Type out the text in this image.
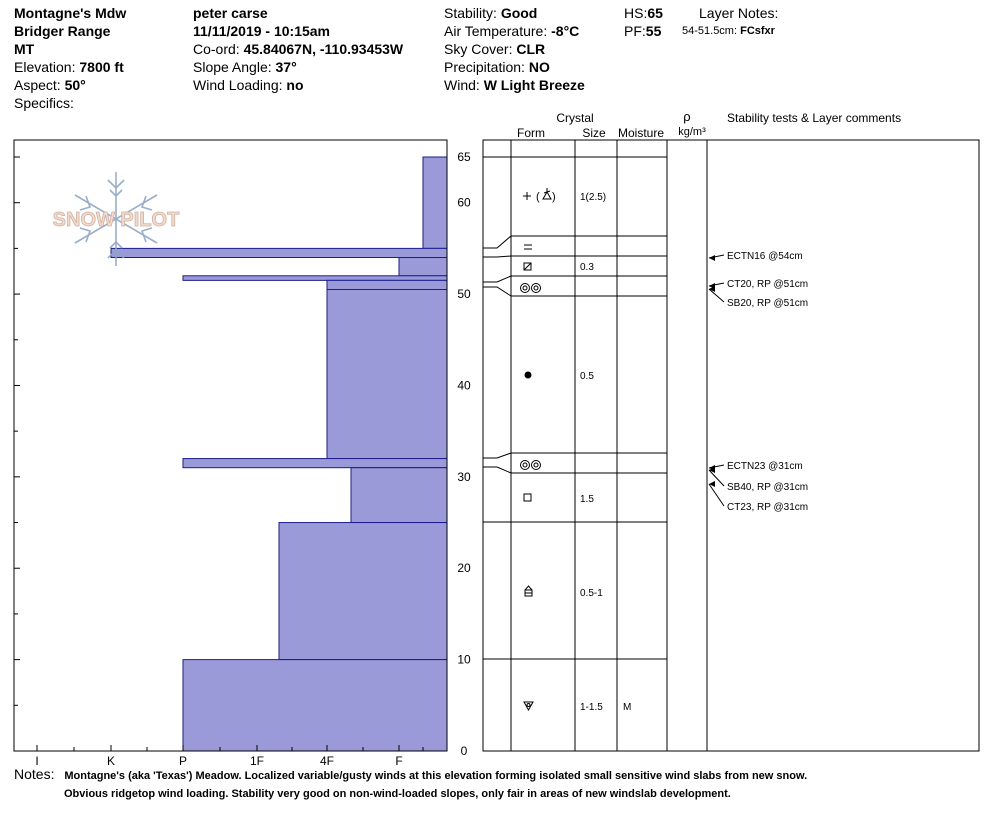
Montagne's Mdw
Bridger Range
MT
Elevation: 7800 ft
Aspect: 50°
Specifics:
peter carse
11/11/2019 - 10:15am
Co-ord: 45.84067N, -110.93453W
Slope Angle: 37°
Wind Loading: no
Stability: Good
Air Temperature: -8°C
Sky Cover: CLR
Precipitation: NO
Wind: W Light Breeze
HS:65
PF:55
Layer Notes:
54-51.5cm: FCsfxr
SNOW PILOT
I	K	P	1F	4F	F
0
10
20
30
40
50
60
65
Crystal
Form	Size Moisture
ρ
kg/m³
Stability tests & Layer comments
( ) 1(2.5)
0.3
0.5
1.5
0.5-1
1-1.5 M
ECTN16 @54cm
CT20, RP @51cm
SB20, RP @51cm
ECTN23 @31cm
SB40, RP @31cm
CT23, RP @31cm
Notes: Montagne's (aka 'Texas') Meadow. Localized variable/gusty winds at this elevation forming isolated small sensitive wind slabs from new snow.
Obvious ridgetop wind loading. Stability very good on non-wind-loaded slopes, only fair in areas of new windslab development.
